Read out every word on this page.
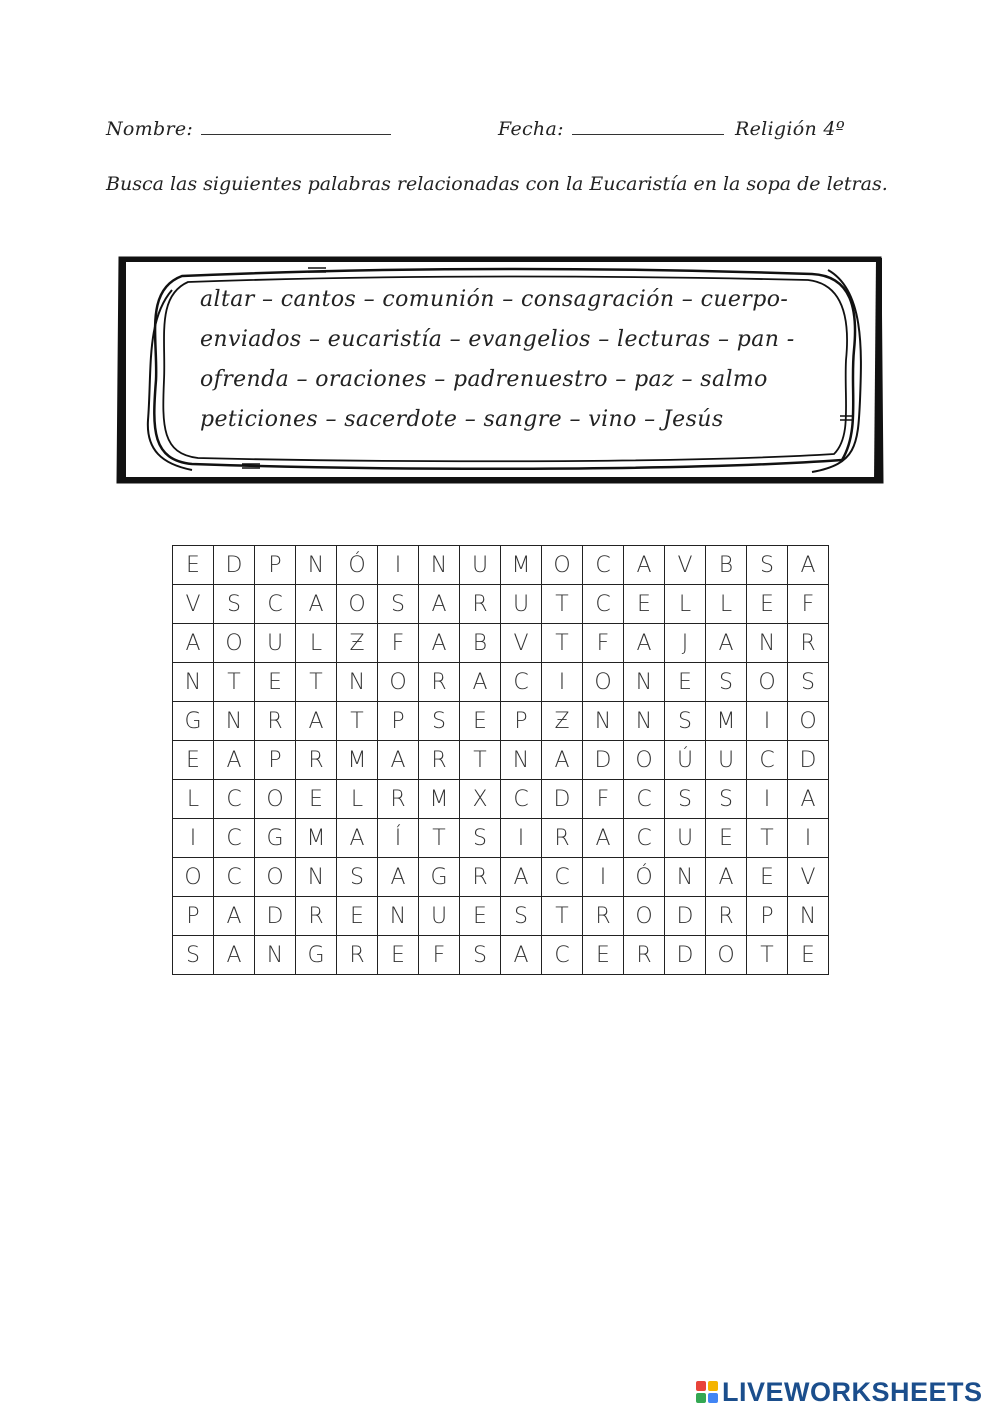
Nombre:	Fecha:	Religión 4º
Busca las siguientes palabras relacionadas con la Eucaristía en la sopa de letras.
altar – cantos – comunión – consagración – cuerpo-
enviados – eucaristía – evangelios – lecturas – pan -
ofrenda – oraciones – padrenuestro – paz – salmo
peticiones – sacerdote – sangre – vino – Jesús
E	D	P	N	Ó	I	N	U	M	O	C	A	V	B	S	A
V	S	C	A	O	S	A	R	U	T	C	E	L	L	E	F
A	O	U	L	Ƶ	F	A	B	V	T	F	A	J	A	N	R
N	T	E	T	N	O	R	A	C	I	O	N	E	S	O	S
G	N	R	A	T	P	S	E	P	Ƶ	N	N	S	M	I	O
E	A	P	R	M	A	R	T	N	A	D	O	Ú	U	C	D
L	C	O	E	L	R	M	X	C	D	F	C	S	S	I	A
I	C	G	M	A	Í	T	S	I	R	A	C	U	E	T	I
O	C	O	N	S	A	G	R	A	C	I	Ó	N	A	E	V
P	A	D	R	E	N	U	E	S	T	R	O	D	R	P	N
S	A	N	G	R	E	F	S	A	C	E	R	D	O	T	E
LIVEWORKSHEETS
